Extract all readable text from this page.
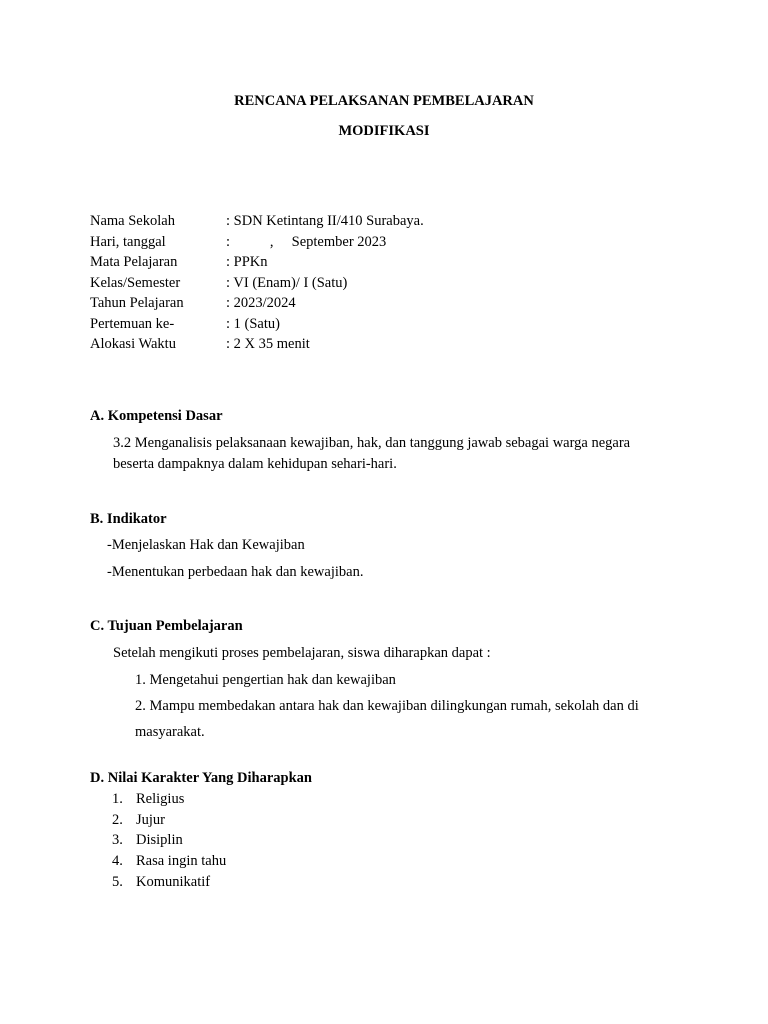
RENCANA PELAKSANAN PEMBELAJARAN
MODIFIKASI
Nama Sekolah	: SDN Ketintang II/410 Surabaya.
Hari, tanggal	:           ,     September 2023
Mata Pelajaran	: PPKn
Kelas/Semester	: VI (Enam)/ I (Satu)
Tahun Pelajaran	: 2023/2024
Pertemuan ke-	: 1 (Satu)
Alokasi Waktu	: 2 X 35 menit
A. Kompetensi Dasar
3.2 Menganalisis pelaksanaan kewajiban, hak, dan tanggung jawab sebagai warga negara beserta dampaknya dalam kehidupan sehari-hari.
B. Indikator
-Menjelaskan Hak dan Kewajiban
-Menentukan perbedaan hak dan kewajiban.
C. Tujuan Pembelajaran
Setelah mengikuti proses pembelajaran, siswa diharapkan dapat :
1. Mengetahui pengertian hak dan kewajiban
2. Mampu membedakan antara hak dan kewajiban dilingkungan rumah, sekolah dan di
masyarakat.
D. Nilai Karakter Yang Diharapkan
1. Religius
2. Jujur
3. Disiplin
4. Rasa ingin tahu
5. Komunikatif
